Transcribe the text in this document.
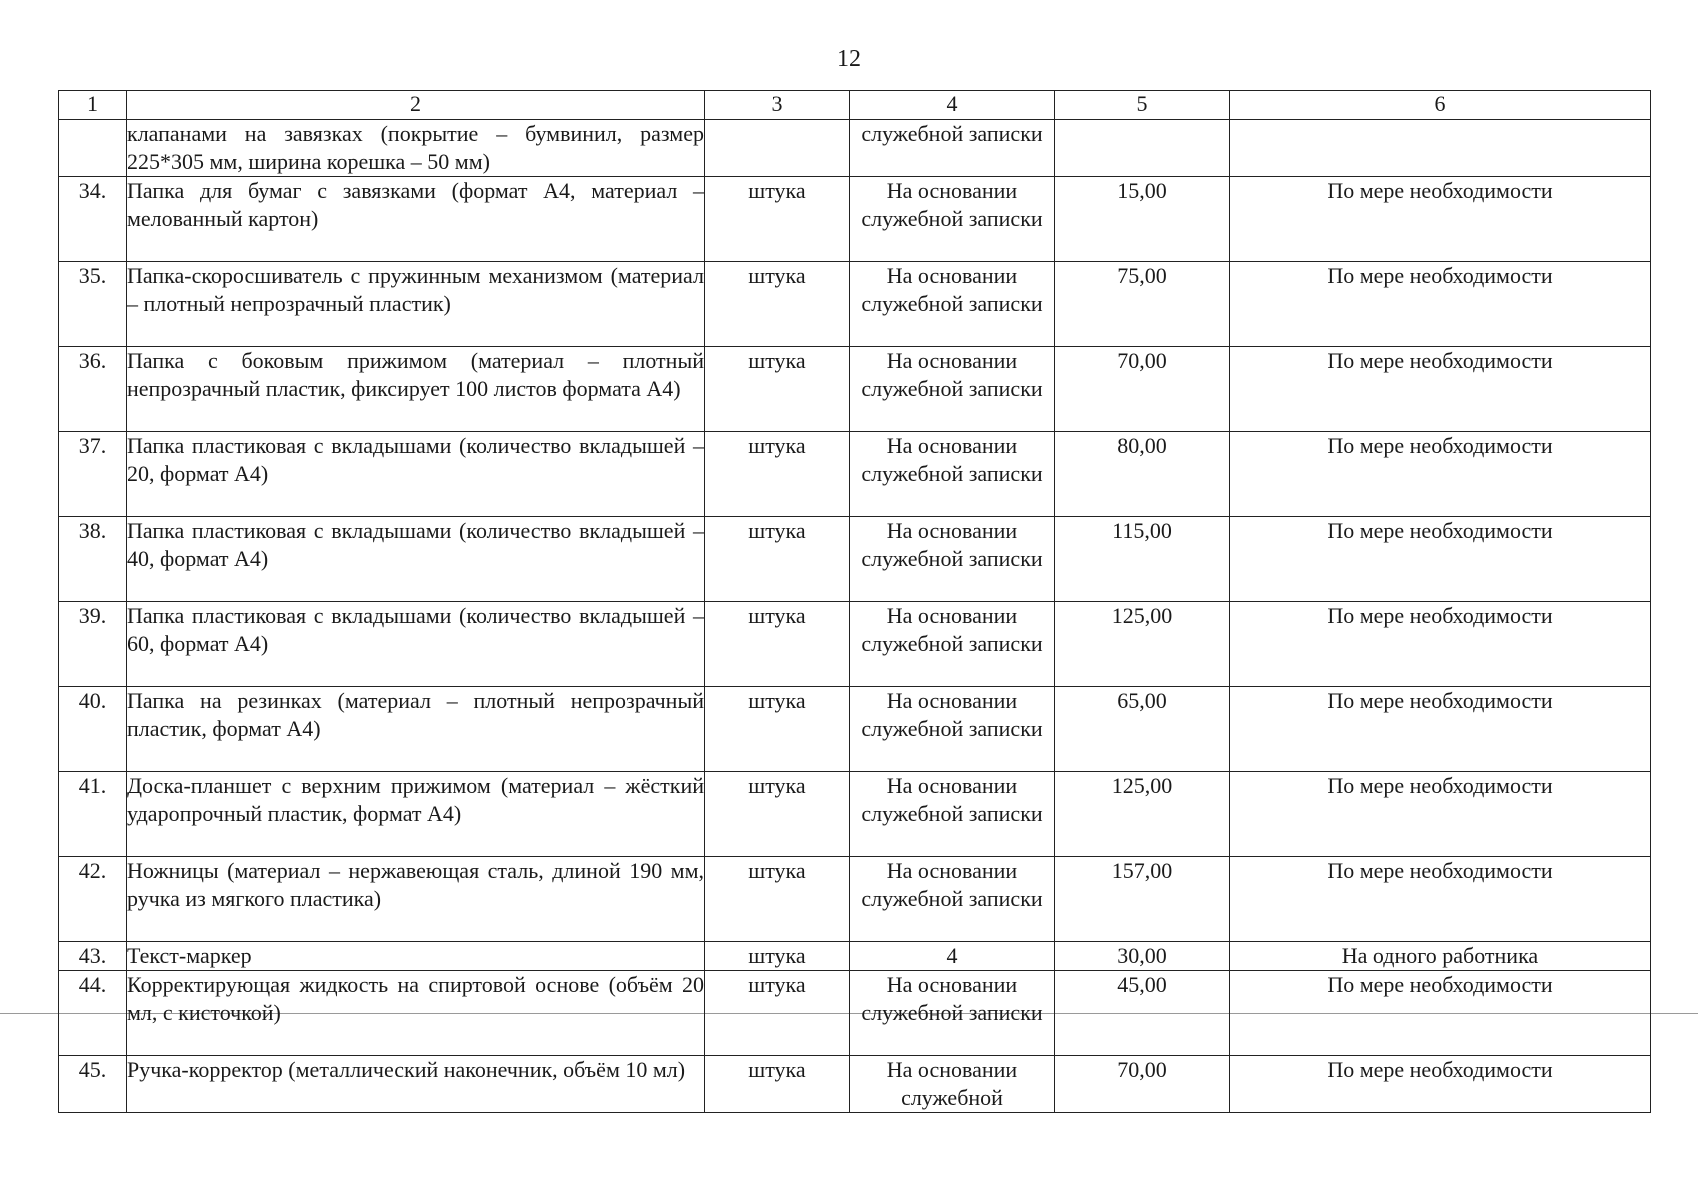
12
1	2	3	4	5	6
	клапанами на завязках (покрытие – бумвинил, размер 225*305 мм, ширина корешка – 50 мм)		служебной записки		
34.	Папка для бумаг с завязками (формат А4, материал – мелованный картон)	штука	На основании служебной записки	15,00	По мере необходимости
35.	Папка-скоросшиватель с пружинным механизмом (материал – плотный непрозрачный пластик)	штука	На основании служебной записки	75,00	По мере необходимости
36.	Папка с боковым прижимом (материал – плотный непрозрачный пластик, фиксирует 100 листов формата А4)	штука	На основании служебной записки	70,00	По мере необходимости
37.	Папка пластиковая с вкладышами (количество вкладышей – 20, формат А4)	штука	На основании служебной записки	80,00	По мере необходимости
38.	Папка пластиковая с вкладышами (количество вкладышей – 40, формат А4)	штука	На основании служебной записки	115,00	По мере необходимости
39.	Папка пластиковая с вкладышами (количество вкладышей – 60, формат А4)	штука	На основании служебной записки	125,00	По мере необходимости
40.	Папка на резинках (материал – плотный непрозрачный пластик, формат А4)	штука	На основании служебной записки	65,00	По мере необходимости
41.	Доска-планшет с верхним прижимом (материал – жёсткий ударопрочный пластик, формат А4)	штука	На основании служебной записки	125,00	По мере необходимости
42.	Ножницы (материал – нержавеющая сталь, длиной 190 мм, ручка из мягкого пластика)	штука	На основании служебной записки	157,00	По мере необходимости
43.	Текст-маркер	штука	4	30,00	На одного работника
44.	Корректирующая жидкость на спиртовой основе (объём 20 мл, с кисточкой)	штука	На основании служебной записки	45,00	По мере необходимости
45.	Ручка-корректор (металлический наконечник, объём 10 мл)	штука	На основании служебной	70,00	По мере необходимости
